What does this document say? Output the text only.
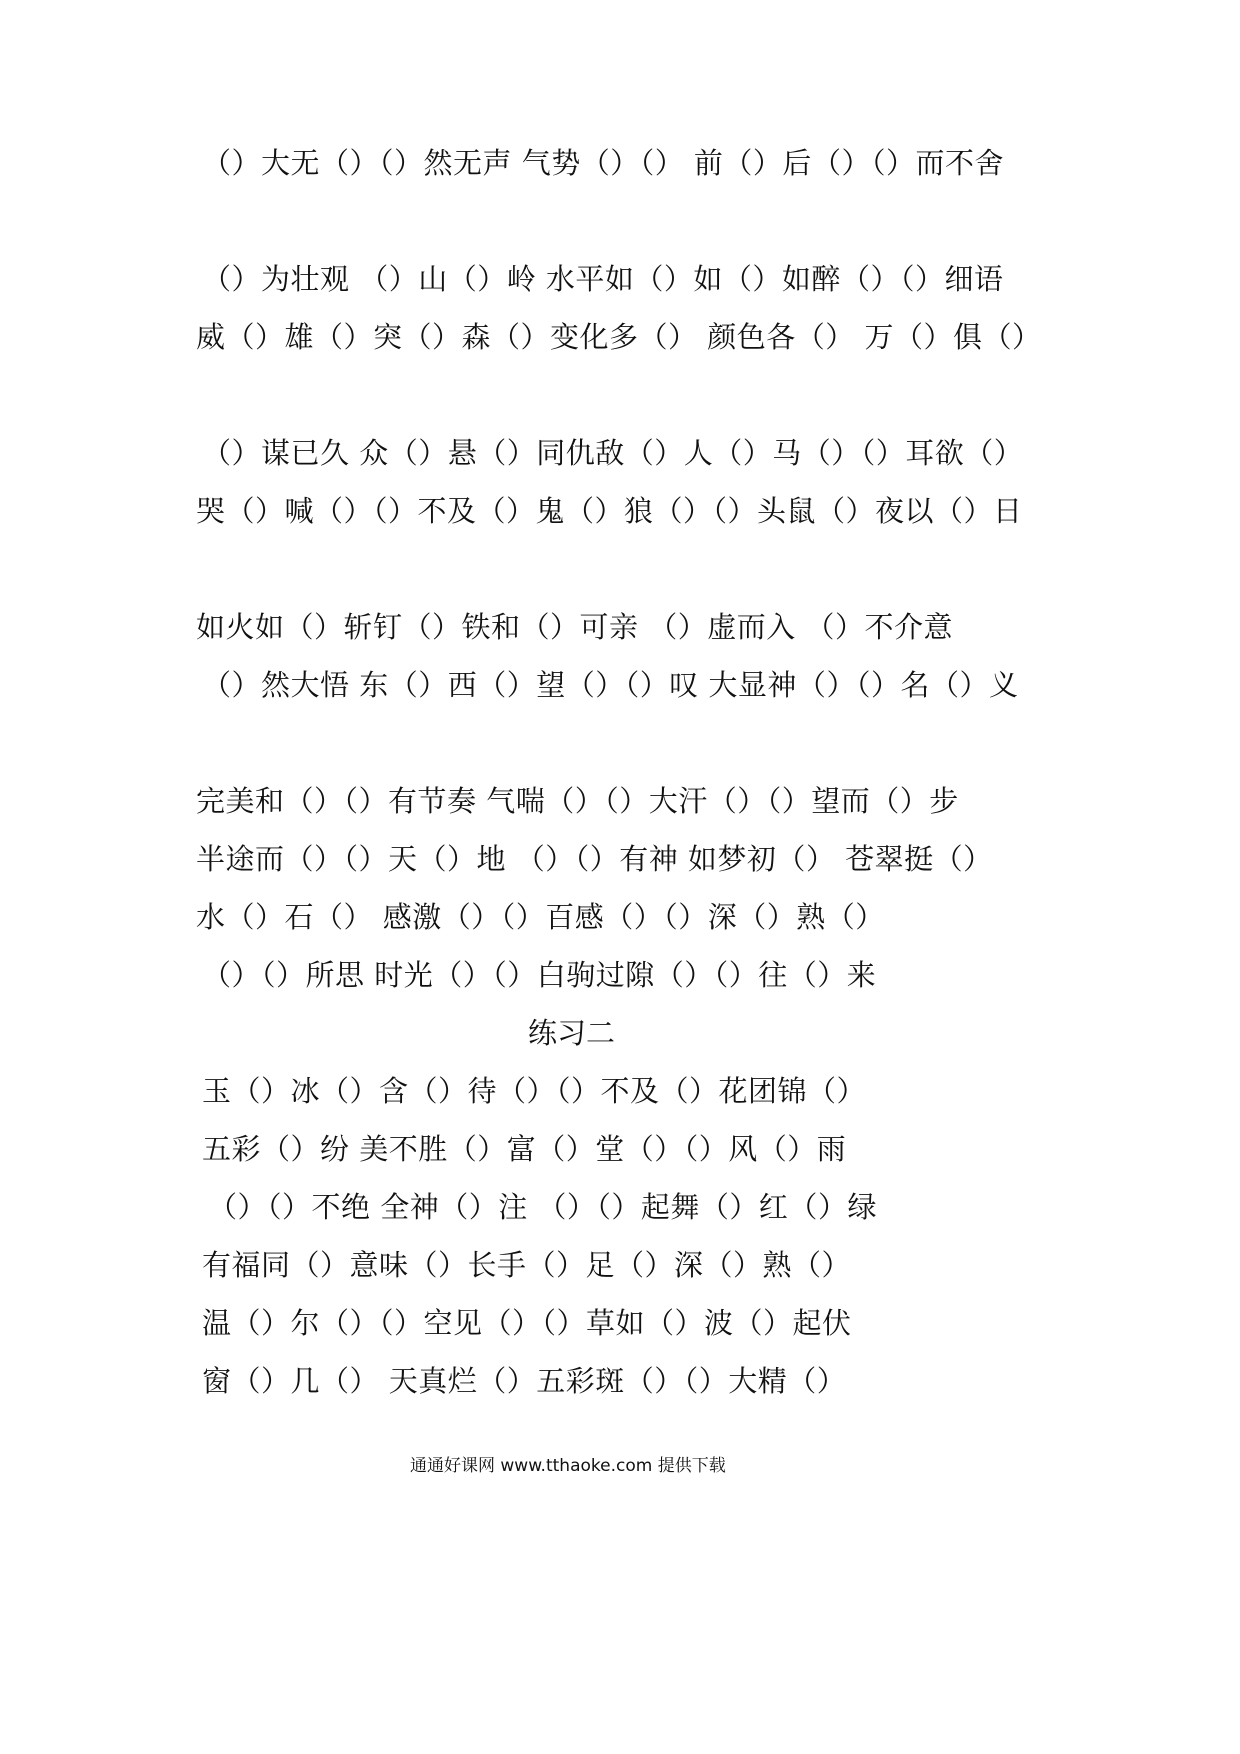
（）大无（）（）然无声 气势（）（） 前（）后（）（）而不舍
（）为壮观 （）山（）岭 水平如（）如（）如醉（）（）细语
威（）雄（）突（）森（）变化多（） 颜色各（） 万（）俱（）
（）谋已久 众（）悬（）同仇敌（）人（）马（）（）耳欲（）
哭（）喊（）（）不及（）鬼（）狼（）（）头鼠（）夜以（）日
如火如（）斩钉（）铁和（）可亲 （）虚而入 （）不介意
（）然大悟 东（）西（）望（）（）叹 大显神（）（）名（）义
完美和（）（）有节奏 气喘（）（）大汗（）（）望而（）步
半途而（）（）天（）地 （）（）有神 如梦初（） 苍翠挺（）
水（）石（） 感激（）（）百感（）（）深（）熟（）
（）（）所思 时光（）（）白驹过隙（）（）往（）来
练习二
玉（）冰（）含（）待（）（）不及（）花团锦（）
五彩（）纷 美不胜（）富（）堂（）（）风（）雨
（）（）不绝 全神（）注 （）（）起舞（）红（）绿
有福同（）意味（）长手（）足（）深（）熟（）
温（）尔（）（）空见（）（）草如（）波（）起伏
窗（）几（） 天真烂（）五彩斑（）（）大精（）
通通好课网 www.tthaoke.com 提供下载
